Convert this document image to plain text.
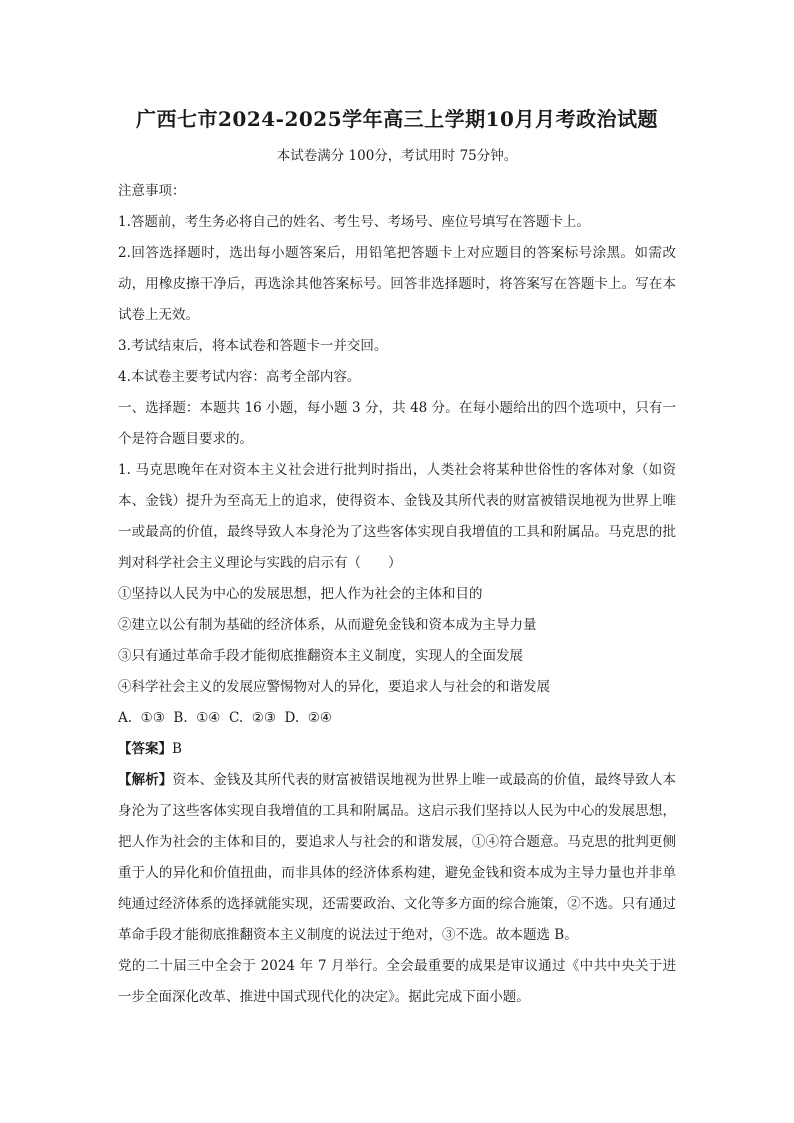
广西七市2024-2025学年高三上学期10月月考政治试题

本试卷满分 100分，考试用时 75分钟。

注意事项：

1.答题前，考生务必将自己的姓名、考生号、考场号、座位号填写在答题卡上。

2.回答选择题时，选出每小题答案后，用铅笔把答题卡上对应题目的答案标号涂黑。如需改动，用橡皮擦干净后，再选涂其他答案标号。回答非选择题时，将答案写在答题卡上。写在本试卷上无效。

3.考试结束后，将本试卷和答题卡一并交回。

4.本试卷主要考试内容：高考全部内容。

一、选择题：本题共 16 小题，每小题 3 分，共 48 分。在每小题给出的四个选项中，只有一个是符合题目要求的。

1. 马克思晚年在对资本主义社会进行批判时指出，人类社会将某种世俗性的客体对象（如资本、金钱）提升为至高无上的追求，使得资本、金钱及其所代表的财富被错误地视为世界上唯一或最高的价值，最终导致人本身沦为了这些客体实现自我增值的工具和附属品。马克思的批判对科学社会主义理论与实践的启示有（　　）

①坚持以人民为中心的发展思想，把人作为社会的主体和目的

②建立以公有制为基础的经济体系，从而避免金钱和资本成为主导力量

③只有通过革命手段才能彻底推翻资本主义制度，实现人的全面发展

④科学社会主义的发展应警惕物对人的异化，要追求人与社会的和谐发展

A.  ①③  B.  ①④  C.  ②③  D.  ②④

【答案】B

【解析】资本、金钱及其所代表的财富被错误地视为世界上唯一或最高的价值，最终导致人本身沦为了这些客体实现自我增值的工具和附属品。这启示我们坚持以人民为中心的发展思想，把人作为社会的主体和目的，要追求人与社会的和谐发展，①④符合题意。马克思的批判更侧重于人的异化和价值扭曲，而非具体的经济体系构建，避免金钱和资本成为主导力量也并非单纯通过经济体系的选择就能实现，还需要政治、文化等多方面的综合施策，②不选。只有通过革命手段才能彻底推翻资本主义制度的说法过于绝对，③不选。故本题选 B。

党的二十届三中全会于 2024 年 7 月举行。全会最重要的成果是审议通过《中共中央关于进一步全面深化改革、推进中国式现代化的决定》。据此完成下面小题。
